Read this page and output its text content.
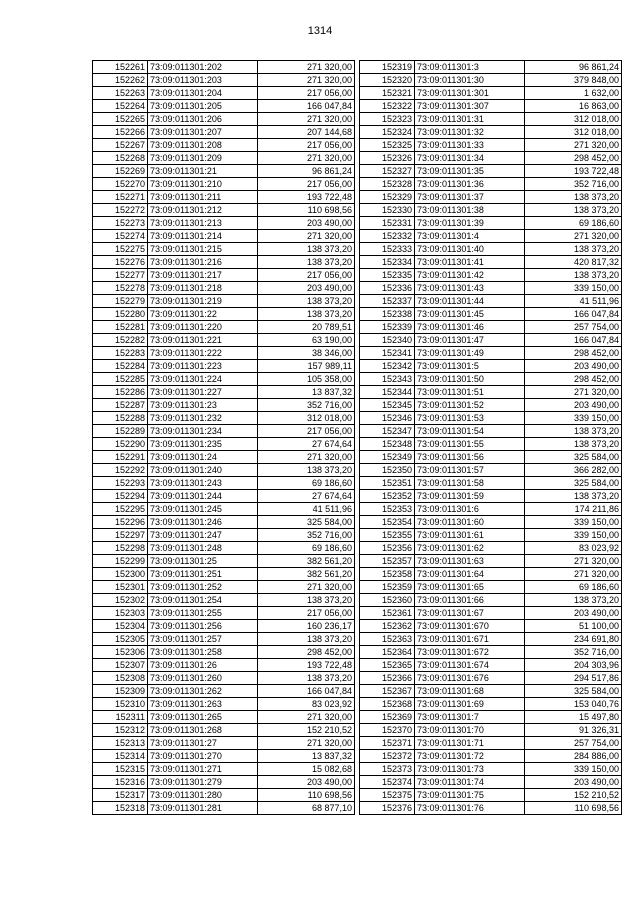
1314
152261	73:09:011301:202	271 320,00
152262	73:09:011301:203	271 320,00
152263	73:09:011301:204	217 056,00
152264	73:09:011301:205	166 047,84
152265	73:09:011301:206	271 320,00
152266	73:09:011301:207	207 144,68
152267	73:09:011301:208	217 056,00
152268	73:09:011301:209	271 320,00
152269	73:09:011301:21	96 861,24
152270	73:09:011301:210	217 056,00
152271	73:09:011301:211	193 722,48
152272	73:09:011301:212	110 698,56
152273	73:09:011301:213	203 490,00
152274	73:09:011301:214	271 320,00
152275	73:09:011301:215	138 373,20
152276	73:09:011301:216	138 373,20
152277	73:09:011301:217	217 056,00
152278	73:09:011301:218	203 490,00
152279	73:09:011301:219	138 373,20
152280	73:09:011301:22	138 373,20
152281	73:09:011301:220	20 789,51
152282	73:09:011301:221	63 190,00
152283	73:09:011301:222	38 346,00
152284	73:09:011301:223	157 989,11
152285	73:09:011301:224	105 358,00
152286	73:09:011301:227	13 837,32
152287	73:09:011301:23	352 716,00
152288	73:09:011301:232	312 018,00
152289	73:09:011301:234	217 056,00
152290	73:09:011301:235	27 674,64
152291	73:09:011301:24	271 320,00
152292	73:09:011301:240	138 373,20
152293	73:09:011301:243	69 186,60
152294	73:09:011301:244	27 674,64
152295	73:09:011301:245	41 511,96
152296	73:09:011301:246	325 584,00
152297	73:09:011301:247	352 716,00
152298	73:09:011301:248	69 186,60
152299	73:09:011301:25	382 561,20
152300	73:09:011301:251	382 561,20
152301	73:09:011301:252	271 320,00
152302	73:09:011301:254	138 373,20
152303	73:09:011301:255	217 056,00
152304	73:09:011301:256	160 236,17
152305	73:09:011301:257	138 373,20
152306	73:09:011301:258	298 452,00
152307	73:09:011301:26	193 722,48
152308	73:09:011301:260	138 373,20
152309	73:09:011301:262	166 047,84
152310	73:09:011301:263	83 023,92
152311	73:09:011301:265	271 320,00
152312	73:09:011301:268	152 210,52
152313	73:09:011301:27	271 320,00
152314	73:09:011301:270	13 837,32
152315	73:09:011301:271	15 082,68
152316	73:09:011301:279	203 490,00
152317	73:09:011301:280	110 698,56
152318	73:09:011301:281	68 877,10
152319	73:09:011301:3	96 861,24
152320	73:09:011301:30	379 848,00
152321	73:09:011301:301	1 632,00
152322	73:09:011301:307	16 863,00
152323	73:09:011301:31	312 018,00
152324	73:09:011301:32	312 018,00
152325	73:09:011301:33	271 320,00
152326	73:09:011301:34	298 452,00
152327	73:09:011301:35	193 722,48
152328	73:09:011301:36	352 716,00
152329	73:09:011301:37	138 373,20
152330	73:09:011301:38	138 373,20
152331	73:09:011301:39	69 186,60
152332	73:09:011301:4	271 320,00
152333	73:09:011301:40	138 373,20
152334	73:09:011301:41	420 817,32
152335	73:09:011301:42	138 373,20
152336	73:09:011301:43	339 150,00
152337	73:09:011301:44	41 511,96
152338	73:09:011301:45	166 047,84
152339	73:09:011301:46	257 754,00
152340	73:09:011301:47	166 047,84
152341	73:09:011301:49	298 452,00
152342	73:09:011301:5	203 490,00
152343	73:09:011301:50	298 452,00
152344	73:09:011301:51	271 320,00
152345	73:09:011301:52	203 490,00
152346	73:09:011301:53	339 150,00
152347	73:09:011301:54	138 373,20
152348	73:09:011301:55	138 373,20
152349	73:09:011301:56	325 584,00
152350	73:09:011301:57	366 282,00
152351	73:09:011301:58	325 584,00
152352	73:09:011301:59	138 373,20
152353	73:09:011301:6	174 211,86
152354	73:09:011301:60	339 150,00
152355	73:09:011301:61	339 150,00
152356	73:09:011301:62	83 023,92
152357	73:09:011301:63	271 320,00
152358	73:09:011301:64	271 320,00
152359	73:09:011301:65	69 186,60
152360	73:09:011301:66	138 373,20
152361	73:09:011301:67	203 490,00
152362	73:09:011301:670	51 100,00
152363	73:09:011301:671	234 691,80
152364	73:09:011301:672	352 716,00
152365	73:09:011301:674	204 303,96
152366	73:09:011301:676	294 517,86
152367	73:09:011301:68	325 584,00
152368	73:09:011301:69	153 040,76
152369	73:09:011301:7	15 497,80
152370	73:09:011301:70	91 326,31
152371	73:09:011301:71	257 754,00
152372	73:09:011301:72	284 886,00
152373	73:09:011301:73	339 150,00
152374	73:09:011301:74	203 490,00
152375	73:09:011301:75	152 210,52
152376	73:09:011301:76	110 698,56
